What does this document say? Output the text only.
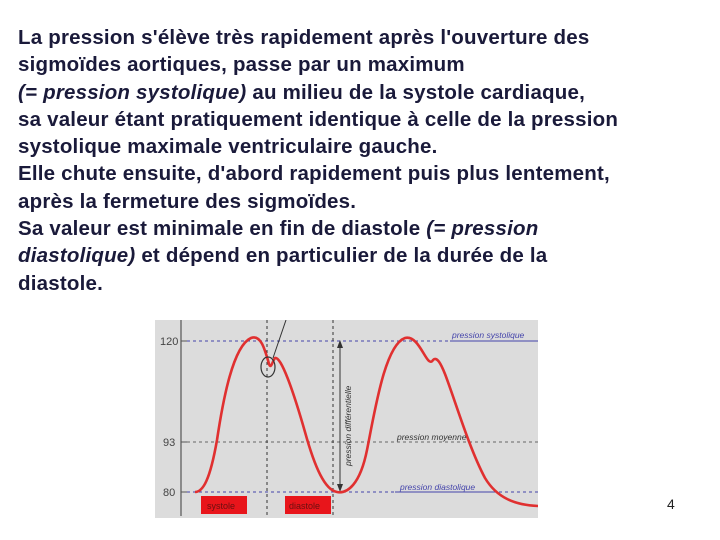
La pression s'élève très rapidement après l'ouverture des
sigmoïdes aortiques, passe par un maximum
(= pression systolique) au milieu de la systole cardiaque,
sa valeur étant pratiquement identique à celle de la pression
systolique maximale ventriculaire gauche.
Elle chute ensuite, d'abord rapidement puis plus lentement,
après la fermeture des sigmoïdes.
Sa valeur est minimale en fin de diastole (= pression
diastolique) et dépend en particulier de la durée de la
diastole.
120
93
80
pression systolique
pression moyenne
pression diastolique
pression différentielle
systole	diastole	4
